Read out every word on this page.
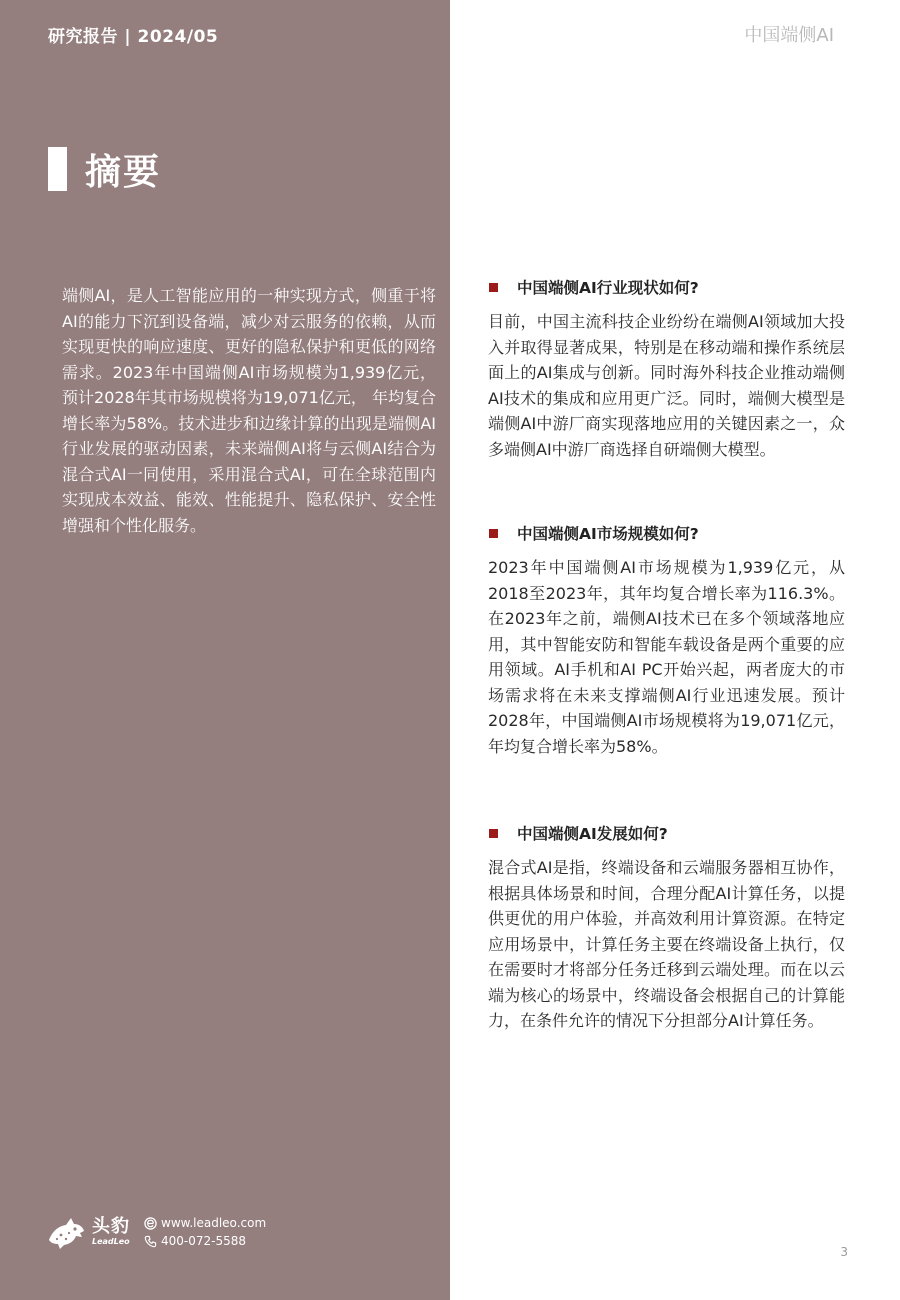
研究报告 | 2024/05
摘要
端侧AI，是人工智能应用的一种实现方式，侧重于将AI的能力下沉到设备端，减少对云服务的依赖，从而实现更快的响应速度、更好的隐私保护和更低的网络需求。2023年中国端侧AI市场规模为1,939亿元， 预计2028年其市场规模将为19,071亿元， 年均复合增长率为58%。技术进步和边缘计算的出现是端侧AI行业发展的驱动因素，未来端侧AI将与云侧AI结合为混合式AI一同使用，采用混合式AI，可在全球范围内实现成本效益、能效、性能提升、隐私保护、安全性增强和个性化服务。
头豹
LeadLeo
www.leadleo.com
400-072-5588
中国端侧AI
中国端侧AI行业现状如何?
目前，中国主流科技企业纷纷在端侧AI领域加大投入并取得显著成果，特别是在移动端和操作系统层面上的AI集成与创新。同时海外科技企业推动端侧AI技术的集成和应用更广泛。同时，端侧大模型是端侧AI中游厂商实现落地应用的关键因素之一，众多端侧AI中游厂商选择自研端侧大模型。
中国端侧AI市场规模如何?
2023年中国端侧AI市场规模为1,939亿元，从2018至2023年，其年均复合增长率为116.3%。在2023年之前，端侧AI技术已在多个领域落地应用，其中智能安防和智能车载设备是两个重要的应用领域。AI手机和AI PC开始兴起，两者庞大的市场需求将在未来支撑端侧AI行业迅速发展。预计2028年，中国端侧AI市场规模将为19,071亿元，年均复合增长率为58%。
中国端侧AI发展如何?
混合式AI是指，终端设备和云端服务器相互协作，根据具体场景和时间，合理分配AI计算任务，以提供更优的用户体验，并高效利用计算资源。在特定应用场景中，计算任务主要在终端设备上执行，仅在需要时才将部分任务迁移到云端处理。而在以云端为核心的场景中，终端设备会根据自己的计算能力，在条件允许的情况下分担部分AI计算任务。
3
